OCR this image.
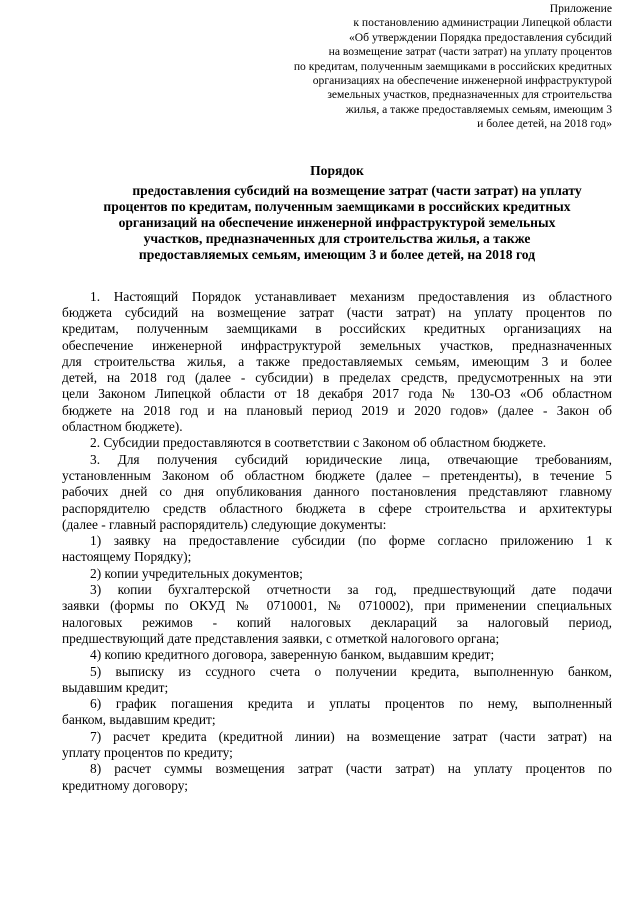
Приложение
к постановлению администрации Липецкой области
«Об утверждении Порядка предоставления субсидий
на возмещение затрат (части затрат) на уплату процентов
по кредитам, полученным заемщиками в российских кредитных
организациях на обеспечение инженерной инфраструктурой
земельных участков, предназначенных для строительства
жилья, а также предоставляемых семьям, имеющим 3
и более детей, на 2018 год»
Порядок
предоставления субсидий на возмещение затрат (части затрат) на уплату
процентов по кредитам, полученным заемщиками в российских кредитных
организаций на обеспечение инженерной инфраструктурой земельных
участков, предназначенных для строительства жилья, а также
предоставляемых семьям, имеющим 3 и более детей, на 2018 год
1. Настоящий Порядок устанавливает механизм предоставления из областного
бюджета субсидий на возмещение затрат (части затрат) на уплату процентов по
кредитам, полученным заемщиками в российских кредитных организациях на
обеспечение инженерной инфраструктурой земельных участков, предназначенных
для строительства жилья, а также предоставляемых семьям, имеющим 3 и более
детей, на 2018 год (далее - субсидии) в пределах средств, предусмотренных на эти
цели Законом Липецкой области от 18 декабря 2017 года № 130-ОЗ «Об областном
бюджете на 2018 год и на плановый период 2019 и 2020 годов» (далее - Закон об
областном бюджете).
2. Субсидии предоставляются в соответствии с Законом об областном бюджете.
3. Для получения субсидий юридические лица, отвечающие требованиям,
установленным Законом об областном бюджете (далее – претенденты), в течение 5
рабочих дней со дня опубликования данного постановления представляют главному
распорядителю средств областного бюджета в сфере строительства и архитектуры
(далее - главный распорядитель) следующие документы:
1) заявку на предоставление субсидии (по форме согласно приложению 1 к
настоящему Порядку);
2) копии учредительных документов;
3) копии бухгалтерской отчетности за год, предшествующий дате подачи
заявки (формы по ОКУД № 0710001, № 0710002), при применении специальных
налоговых режимов - копий налоговых деклараций за налоговый период,
предшествующий дате представления заявки, с отметкой налогового органа;
4) копию кредитного договора, заверенную банком, выдавшим кредит;
5) выписку из ссудного счета о получении кредита, выполненную банком,
выдавшим кредит;
6) график погашения кредита и уплаты процентов по нему, выполненный
банком, выдавшим кредит;
7) расчет кредита (кредитной линии) на возмещение затрат (части затрат) на
уплату процентов по кредиту;
8) расчет суммы возмещения затрат (части затрат) на уплату процентов по
кредитному договору;
